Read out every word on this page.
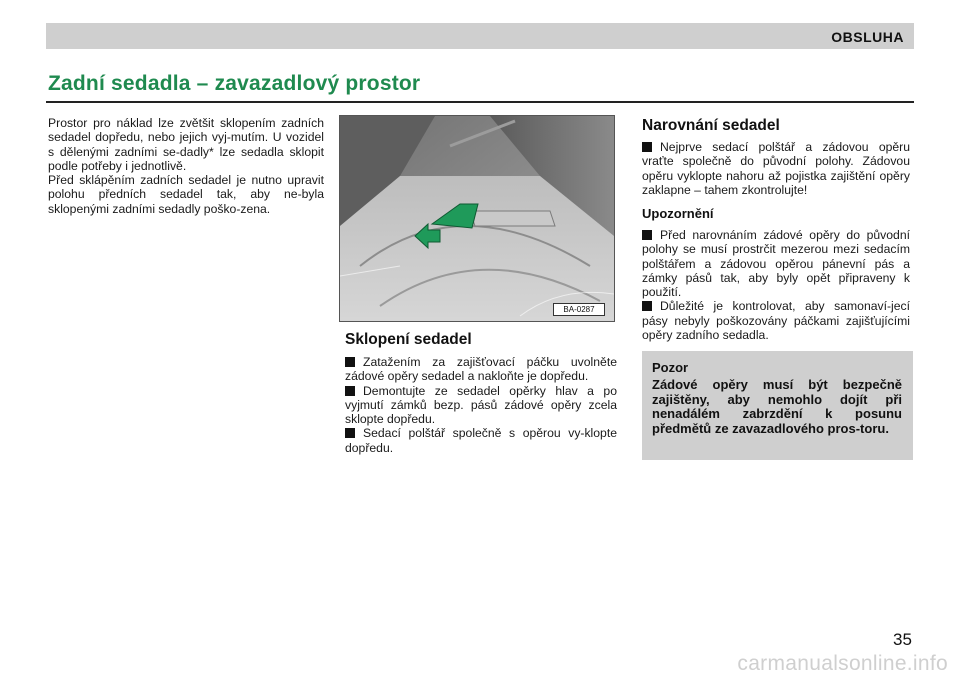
OBSLUHA
Zadní sedadla – zavazadlový prostor

Prostor pro náklad lze zvětšit sklopením zadních sedadel dopředu, nebo jejich vyj-mutím. U vozidel s dělenými zadními se-dadly* lze sedadla sklopit podle potřeby i jednotlivě.

Před sklápěním zadních sedadel je nutno upravit polohu předních sedadel tak, aby ne-byla sklopenými zadními sedadly poško-zena.

BA-0287
Sklopení sedadel

Zatažením za zajišťovací páčku uvolněte zádové opěry sedadel a nakloňte je dopředu.

Demontujte ze sedadel opěrky hlav a po vyjmutí zámků bezp. pásů zádové opěry zcela sklopte dopředu.

Sedací polštář společně s opěrou vy-klopte dopředu.

Narovnání sedadel

Nejprve sedací polštář a zádovou opěru vraťte společně do původní polohy. Zádovou opěru vyklopte nahoru až pojistka zajištění opěry zaklapne – tahem zkontrolujte!

Upozornění

Před narovnáním zádové opěry do původní polohy se musí prostrčit mezerou mezi sedacím polštářem a zádovou opěrou pánevní pás a zámky pásů tak, aby byly opět připraveny k použití.

Důležité je kontrolovat, aby samonaví-jecí pásy nebyly poškozovány páčkami zajišťujícími opěry zadního sedadla.

Pozor
Zádové opěry musí být bezpečně zajištěny, aby nemohlo dojít při nenadálém zabrzdění k posunu předmětů ze zavazadlového pros-toru.
35
carmanualsonline.info
